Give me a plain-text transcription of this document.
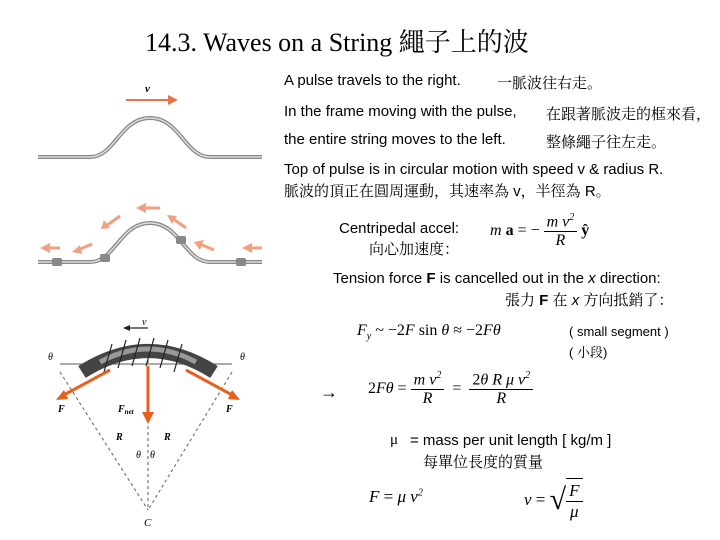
14.3. Waves on a String 繩子上的波
A pulse travels to the right. 一脈波往右走。
In the frame moving with the pulse, 在跟著脈波走的框來看，
the entire string moves to the left.	整條繩子往左走。
Top of pulse is in circular motion with speed v & radius R.
脈波的頂正在圓周運動，其速率為 v，半徑為 R。
Centripedal accel:
向心加速度：
m a = − $\frac{m v^2}{R}$ ŷ
Tension force F is cancelled out in the x direction:
張力 F 在 x 方向抵銷了：
$F_y$ ~ −2F sin θ ≈ −2Fθ	( small segment )
( 小段)
→ $2F\theta = \frac{m v^2}{R} = \frac{2\theta R \mu v^2}{R}$
μ = mass per unit length [ kg/m ]
每單位長度的質量
F = μ $v^2$	v = √ $\frac{F}{\mu}$
v
v
θ	θ
F	F
$F_{net}$
R	R
θ θ
C
